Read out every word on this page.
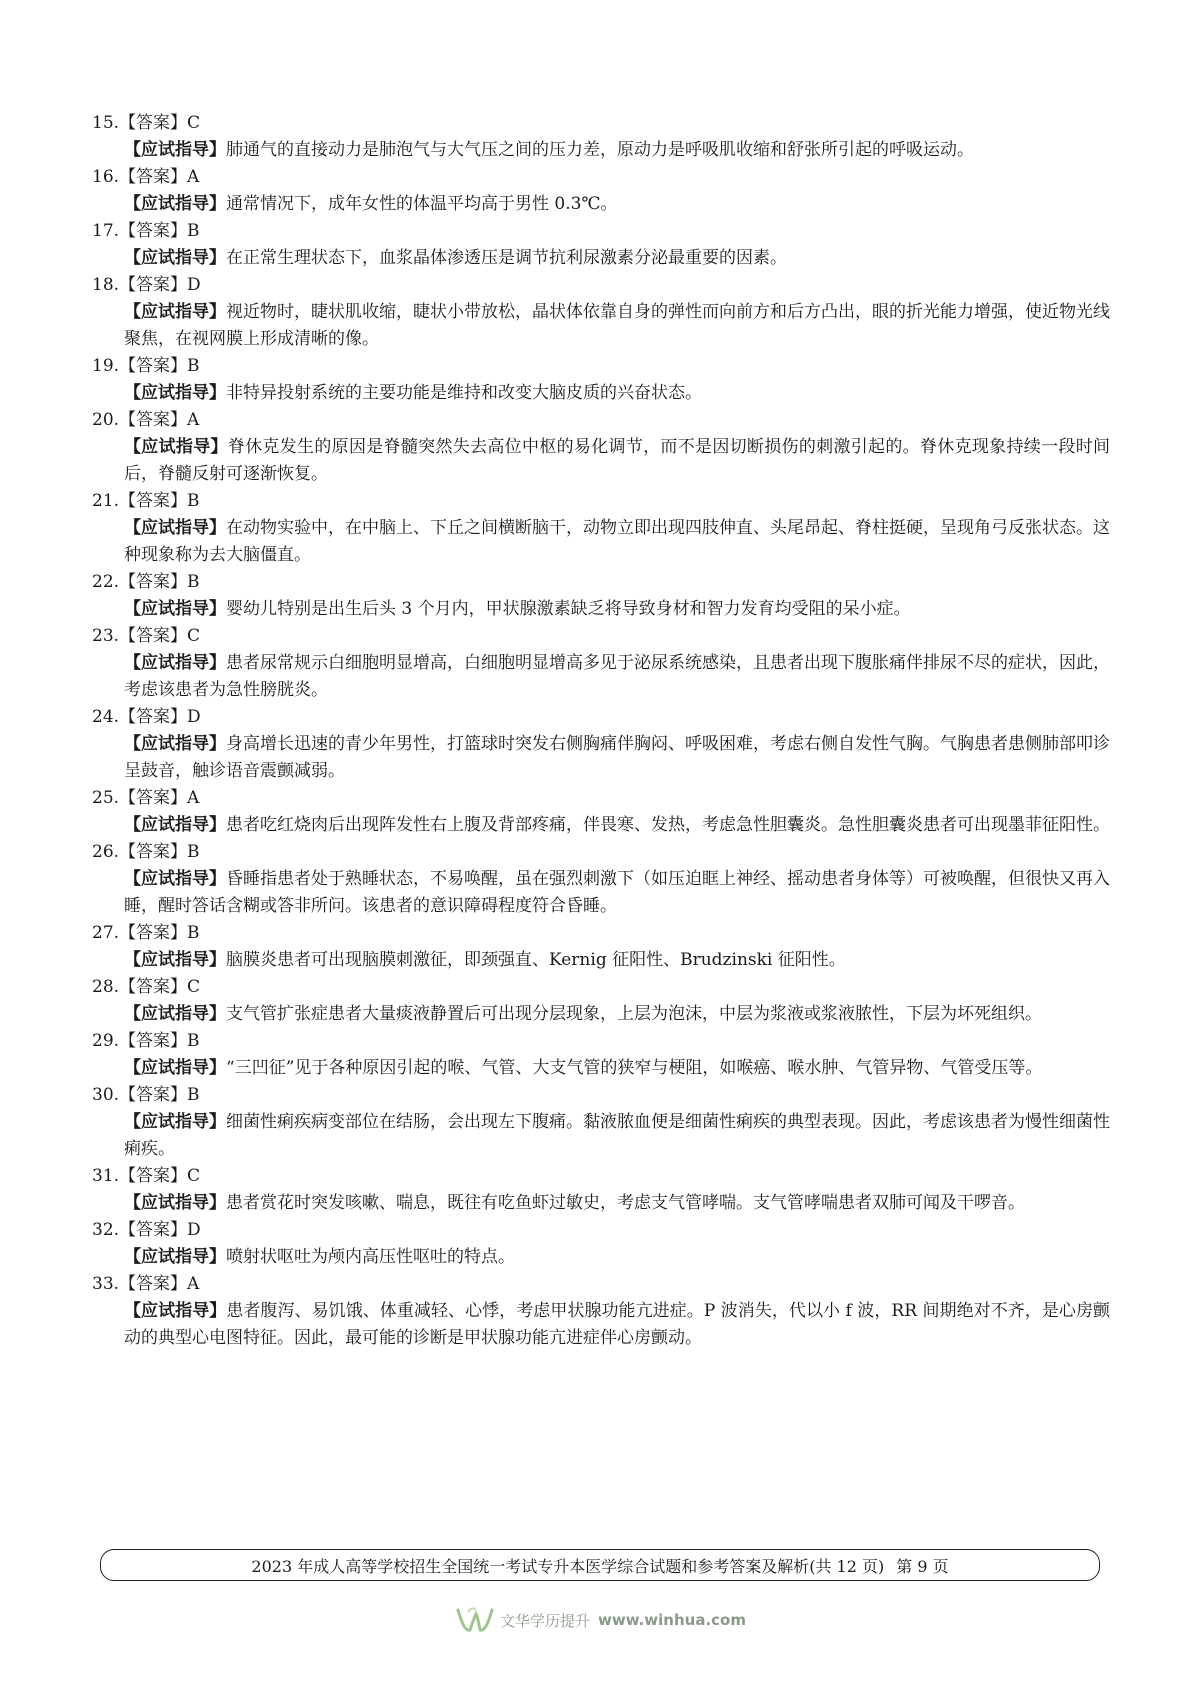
15.【答案】C
【应试指导】肺通气的直接动力是肺泡气与大气压之间的压力差，原动力是呼吸肌收缩和舒张所引起的呼吸运动。
16.【答案】A
【应试指导】通常情况下，成年女性的体温平均高于男性 0.3℃。
17.【答案】B
【应试指导】在正常生理状态下，血浆晶体渗透压是调节抗利尿激素分泌最重要的因素。
18.【答案】D
【应试指导】视近物时，睫状肌收缩，睫状小带放松，晶状体依靠自身的弹性而向前方和后方凸出，眼的折光能力增强，使近物光线聚焦，在视网膜上形成清晰的像。
19.【答案】B
【应试指导】非特异投射系统的主要功能是维持和改变大脑皮质的兴奋状态。
20.【答案】A
【应试指导】脊休克发生的原因是脊髓突然失去高位中枢的易化调节，而不是因切断损伤的刺激引起的。脊休克现象持续一段时间后，脊髓反射可逐渐恢复。
21.【答案】B
【应试指导】在动物实验中，在中脑上、下丘之间横断脑干，动物立即出现四肢伸直、头尾昂起、脊柱挺硬，呈现角弓反张状态。这种现象称为去大脑僵直。
22.【答案】B
【应试指导】婴幼儿特别是出生后头 3 个月内，甲状腺激素缺乏将导致身材和智力发育均受阻的呆小症。
23.【答案】C
【应试指导】患者尿常规示白细胞明显增高，白细胞明显增高多见于泌尿系统感染，且患者出现下腹胀痛伴排尿不尽的症状，因此，考虑该患者为急性膀胱炎。
24.【答案】D
【应试指导】身高增长迅速的青少年男性，打篮球时突发右侧胸痛伴胸闷、呼吸困难，考虑右侧自发性气胸。气胸患者患侧肺部叩诊呈鼓音，触诊语音震颤减弱。
25.【答案】A
【应试指导】患者吃红烧肉后出现阵发性右上腹及背部疼痛，伴畏寒、发热，考虑急性胆囊炎。急性胆囊炎患者可出现墨菲征阳性。
26.【答案】B
【应试指导】昏睡指患者处于熟睡状态，不易唤醒，虽在强烈刺激下（如压迫眶上神经、摇动患者身体等）可被唤醒，但很快又再入睡，醒时答话含糊或答非所问。该患者的意识障碍程度符合昏睡。
27.【答案】B
【应试指导】脑膜炎患者可出现脑膜刺激征，即颈强直、Kernig 征阳性、Brudzinski 征阳性。
28.【答案】C
【应试指导】支气管扩张症患者大量痰液静置后可出现分层现象，上层为泡沫，中层为浆液或浆液脓性，下层为坏死组织。
29.【答案】B
【应试指导】“三凹征”见于各种原因引起的喉、气管、大支气管的狭窄与梗阻，如喉癌、喉水肿、气管异物、气管受压等。
30.【答案】B
【应试指导】细菌性痢疾病变部位在结肠，会出现左下腹痛。黏液脓血便是细菌性痢疾的典型表现。因此，考虑该患者为慢性细菌性痢疾。
31.【答案】C
【应试指导】患者赏花时突发咳嗽、喘息，既往有吃鱼虾过敏史，考虑支气管哮喘。支气管哮喘患者双肺可闻及干啰音。
32.【答案】D
【应试指导】喷射状呕吐为颅内高压性呕吐的特点。
33.【答案】A
【应试指导】患者腹泻、易饥饿、体重减轻、心悸，考虑甲状腺功能亢进症。P 波消失，代以小 f 波，RR 间期绝对不齐，是心房颤动的典型心电图特征。因此，最可能的诊断是甲状腺功能亢进症伴心房颤动。
2023 年成人高等学校招生全国统一考试专升本医学综合试题和参考答案及解析(共 12 页) 第 9 页
文华学历提升 www.winhua.com
